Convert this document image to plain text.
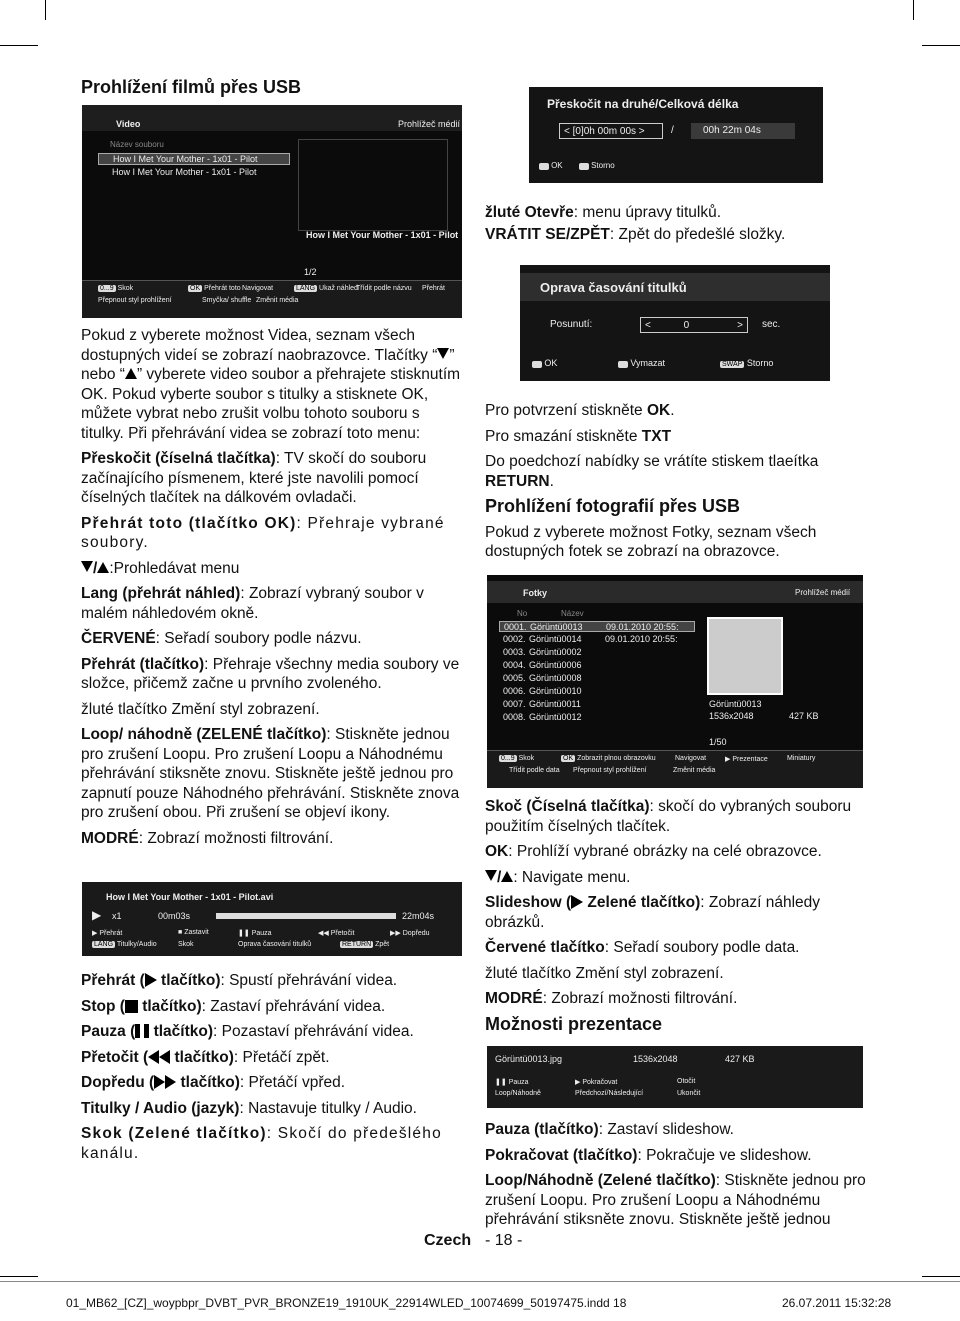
Prohlížení filmů přes USB
Video	Prohlížeč médií
Název souboru
How I Met Your Mother - 1x01 - Pilot
How I Met Your Mother - 1x01 - Pilot
How I Met Your Mother - 1x01 - Pilot
1/2
0...9 Skok	OK Přehrát toto Navigovat	LANG Ukaž náhled
Třídit podle názvu Přehrát
Přepnout styl prohlížení	Smyčka/ shuffle Změnit média

Pokud z vyberete možnost Videa, seznam všech dostupných videí se zobrazí naobrazovce. Tlačítky “ ” nebo “ ” vyberete video soubor a přehrajete stisknutím OK. Pokud vyberte soubor s titulky a stisknete OK, můžete vybrat nebo zrušit volbu tohoto souboru s titulky. Při přehrávání videa se zobrazí toto menu:

Přeskočit (číselná tlačítka): TV skočí do souboru začínajícího písmenem, které jste navolili pomocí číselných tlačítek na dálkovém ovladači.

Přehrát toto (tlačítko OK): Přehraje vybrané soubory.

/ :Prohledávat menu

Lang (přehrát náhled): Zobrazí vybraný soubor v malém náhledovém okně.

ČERVENÉ: Seřadí soubory podle názvu.

Přehrát (tlačítko): Přehraje všechny media soubory ve složce, přičemž začne u prvního zvoleného.

žluté tlačítko Změní styl zobrazení.

Loop/ náhodně (ZELENÉ tlačítko): Stiskněte jednou pro zrušení Loopu. Pro zrušení Loopu a Náhodnému přehrávání stiksněte znovu. Stiskněte ještě jednou pro zapnutí pouze Náhodného přehrávání. Stiskněte znova pro zrušení obou. Při zrušení se objeví ikony.

MODRÉ: Zobrazí možnosti filtrování.

How I Met Your Mother - 1x01 - Pilot.avi
▶ x1	00m03s	22m04s
▶ Přehrát	■ Zastavit	❚❚ Pauza	◀◀ Přetočit	▶▶ Dopředu
LANG Titulky/Audio	Skok	Oprava časování titulků	RETURN Zpět

Přehrát ( tlačítko): Spustí přehrávání videa.

Stop ( tlačítko): Zastaví přehrávání videa.

Pauza ( tlačítko): Pozastaví přehrávání videa.

Přetočit ( tlačítko): Přetáčí zpět.

Dopředu ( tlačítko): Přetáčí vpřed.

Titulky / Audio (jazyk): Nastavuje titulky / Audio.

Skok (Zelené tlačítko): Skočí do předešlého kanálu.

Přeskočit na druhé/Celková délka
< [0]0h 00m 00s >	/	00h 22m 04s
OK	Storno

žluté Otevře: menu úpravy titulků.

VRÁTIT SE/ZPĚT: Zpět do předešlé složky.

Oprava časování titulků
Posunutí:	<	0	> sec.
OK	Vymazat	SWAP Storno

Pro potvrzení stiskněte OK.

Pro smazání stiskněte TXT

Do poedchozí nabídky se vrátíte stiskem tlaeítka RETURN.

Prohlížení fotografií přes USB

Pokud z vyberete možnost Fotky, seznam všech dostupných fotek se zobrazí na obrazovce.

Fotky	Prohlížeč médií
No	Název
0001. Görüntü0013	09.01.2010 20:55:
0002. Görüntü0014	09.01.2010 20:55:
0003. Görüntü0002
0004. Görüntü0006
0005. Görüntü0008
0006. Görüntü0010
0007. Görüntü0011
0008. Görüntü0012
Görüntü0013
1536x2048	427 KB
1/50
0...9 Skok	OK Zobrazit plnou obrazovku	Navigovat	▶ Prezentace	Miniatury
Třídit podle data Přepnout styl prohlížení	Změnit média

Skoč (Číselná tlačítka): skočí do vybraných souboru použitím číselných tlačítek.

OK: Prohlíží vybrané obrázky na celé obrazovce.

/ : Navigate menu.

Slideshow ( Zelené tlačítko): Zobrazí náhledy obrázků.

Červené tlačítko: Seřadí soubory podle data.

žluté tlačítko Změní styl zobrazení.

MODRÉ: Zobrazí možnosti filtrování.

Možnosti prezentace
Görüntü0013.jpg	1536x2048	427 KB
❚❚ Pauza	▶ Pokračovat	Otočit
Loop/Náhodně	Předchozí/Následující	Ukončit

Pauza (tlačítko): Zastaví slideshow.

Pokračovat (tlačítko): Pokračuje ve slideshow.

Loop/Náhodně (Zelené tlačítko): Stiskněte jednou pro zrušení Loopu. Pro zrušení Loopu a Náhodnému přehrávání stiksněte znovu. Stiskněte ještě jednou

Czech - 18 -
01_MB62_[CZ]_woypbpr_DVBT_PVR_BRONZE19_1910UK_22914WLED_10074699_50197475.indd 18	26.07.2011 15:32:28
